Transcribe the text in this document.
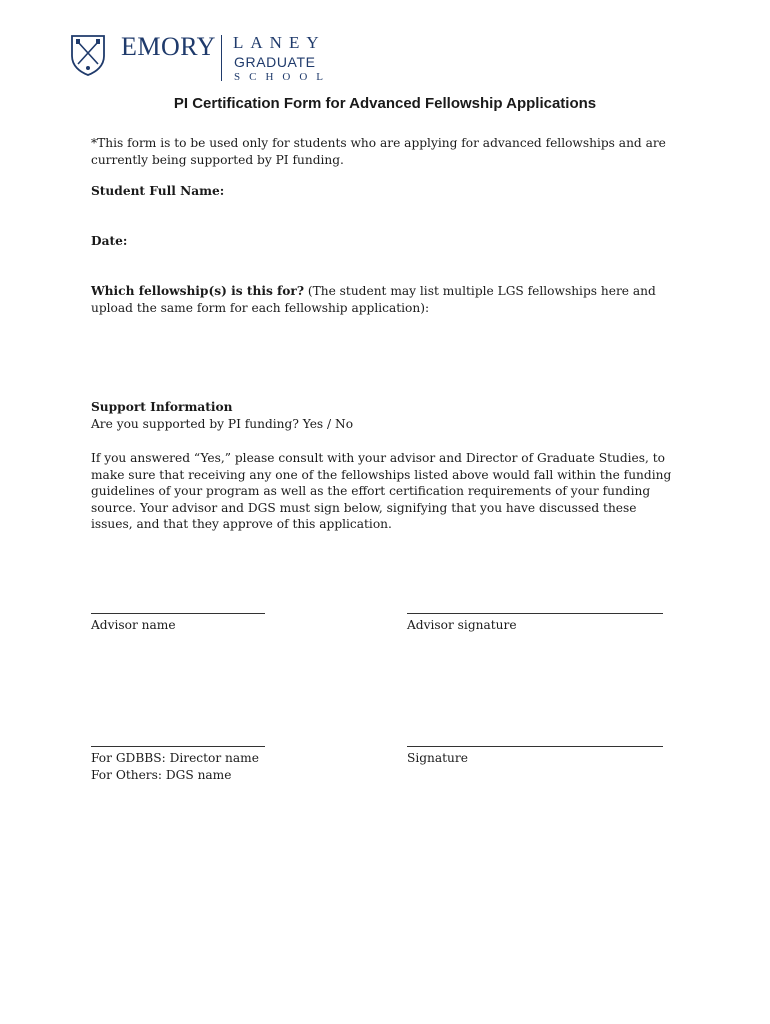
EMORY LANEY
GRADUATE
SCHOOL
PI Certification Form for Advanced Fellowship Applications
*This form is to be used only for students who are applying for advanced fellowships and are currently being supported by PI funding.
Student Full Name:
Date:
Which fellowship(s) is this for? (The student may list multiple LGS fellowships here and upload the same form for each fellowship application):
Support Information
Are you supported by PI funding? Yes / No
If you answered “Yes,” please consult with your advisor and Director of Graduate Studies, to make sure that receiving any one of the fellowships listed above would fall within the funding guidelines of your program as well as the effort certification requirements of your funding source. Your advisor and DGS must sign below, signifying that you have discussed these issues, and that they approve of this application.
Advisor name	Advisor signature
For GDBBS: Director name
For Others: DGS name
Signature
